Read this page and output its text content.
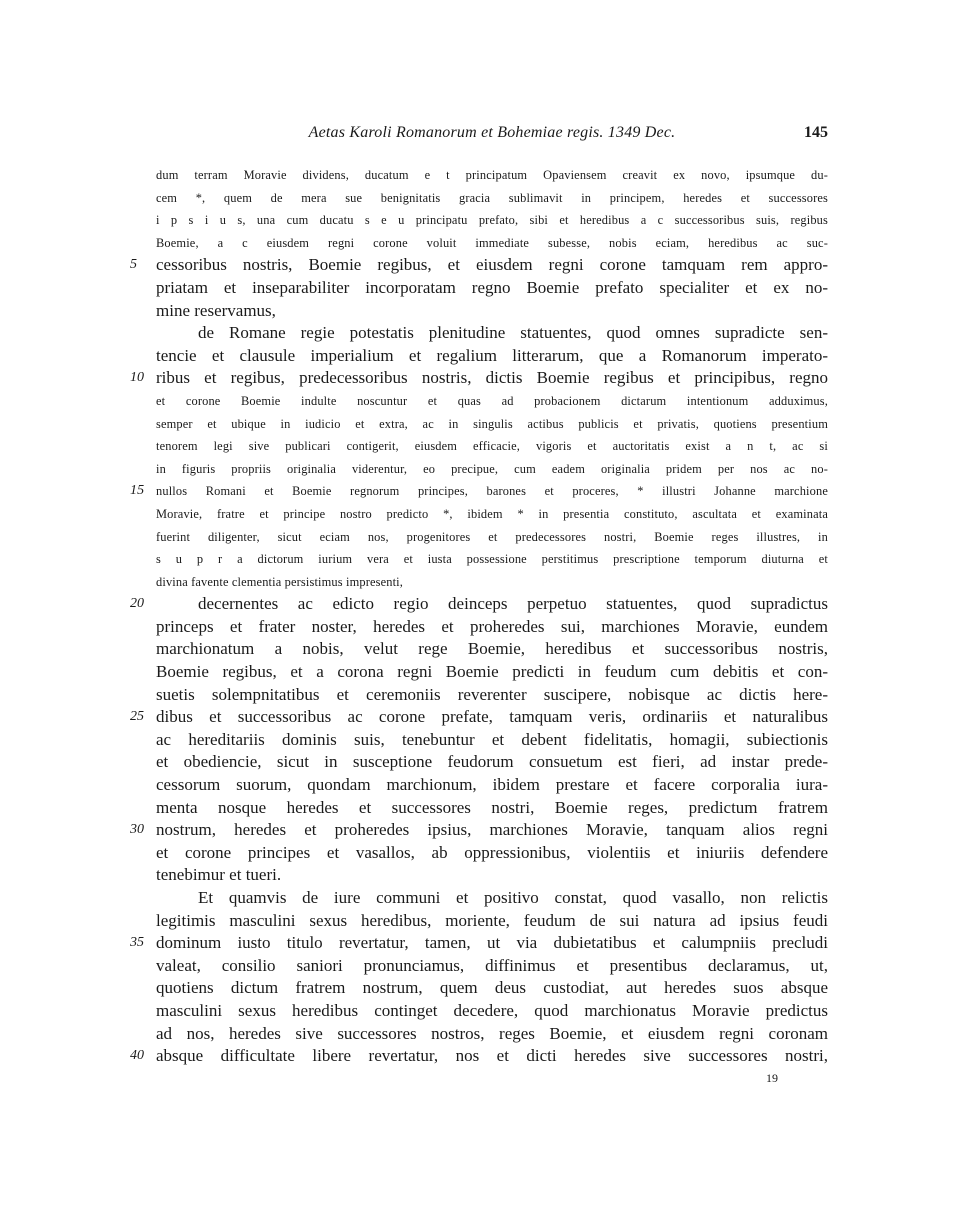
Aetas Karoli Romanorum et Bohemiae regis. 1349 Dec.	145
dum terram Moravie dividens, ducatum e t principatum Opaviensem creavit ex novo, ipsumque du-
cem *, quem de mera sue benignitatis gracia sublimavit in principem, heredes et successores
i p s i u s, una cum ducatu s e u principatu prefato, sibi et heredibus a c successoribus suis, regibus
Boemie, a c eiusdem regni corone voluit immediate subesse, nobis eciam, heredibus ac suc-
5	cessoribus nostris, Boemie regibus, et eiusdem regni corone tamquam rem appro-
priatam et inseparabiliter incorporatam regno Boemie prefato specialiter et ex no-
mine reservamus,
de Romane regie potestatis plenitudine statuentes, quod omnes supradicte sen-
tencie et clausule imperialium et regalium litterarum, que a Romanorum imperato-
10 ribus et regibus, predecessoribus nostris, dictis Boemie regibus et principibus, regno
et corone Boemie indulte noscuntur et quas ad probacionem dictarum intentionum adduximus,
semper et ubique in iudicio et extra, ac in singulis actibus publicis et privatis, quotiens presentium
tenorem legi sive publicari contigerit, eiusdem efficacie, vigoris et auctoritatis exist a n t, ac si
in figuris propriis originalia viderentur, eo precipue, cum eadem originalia pridem per nos ac no-
15 nullos Romani et Boemie regnorum principes, barones et proceres, * illustri Johanne marchione
Moravie, fratre et principe nostro predicto *, ibidem * in presentia constituto, ascultata et examinata
fuerint diligenter, sicut eciam nos, progenitores et predecessores nostri, Boemie reges illustres, in
s u p r a dictorum iurium vera et iusta possessione perstitimus prescriptione temporum diuturna et
divina favente clementia persistimus impresenti,
20	decernentes ac edicto regio deinceps perpetuo statuentes, quod supradictus
princeps et frater noster, heredes et proheredes sui, marchiones Moravie, eundem
marchionatum a nobis, velut rege Boemie, heredibus et successoribus nostris,
Boemie regibus, et a corona regni Boemie predicti in feudum cum debitis et con-
suetis solempnitatibus et ceremoniis reverenter suscipere, nobisque ac dictis here-
25 dibus et successoribus ac corone prefate, tamquam veris, ordinariis et naturalibus
ac hereditariis dominis suis, tenebuntur et debent fidelitatis, homagii, subiectionis
et obediencie, sicut in susceptione feudorum consuetum est fieri, ad instar prede-
cessorum suorum, quondam marchionum, ibidem prestare et facere corporalia iura-
menta nosque heredes et successores nostri, Boemie reges, predictum fratrem
30 nostrum, heredes et proheredes ipsius, marchiones Moravie, tanquam alios regni
et corone principes et vasallos, ab oppressionibus, violentiis et iniuriis defendere
tenebimur et tueri.
Et quamvis de iure communi et positivo constat, quod vasallo, non relictis
legitimis masculini sexus heredibus, moriente, feudum de sui natura ad ipsius feudi
35 dominum iusto titulo revertatur, tamen, ut via dubietatibus et calumpniis precludi
valeat, consilio saniori pronunciamus, diffinimus et presentibus declaramus, ut,
quotiens dictum fratrem nostrum, quem deus custodiat, aut heredes suos absque
masculini sexus heredibus continget decedere, quod marchionatus Moravie predictus
ad nos, heredes sive successores nostros, reges Boemie, et eiusdem regni coronam
40 absque difficultate libere revertatur, nos et dicti heredes sive successores nostri,
19
